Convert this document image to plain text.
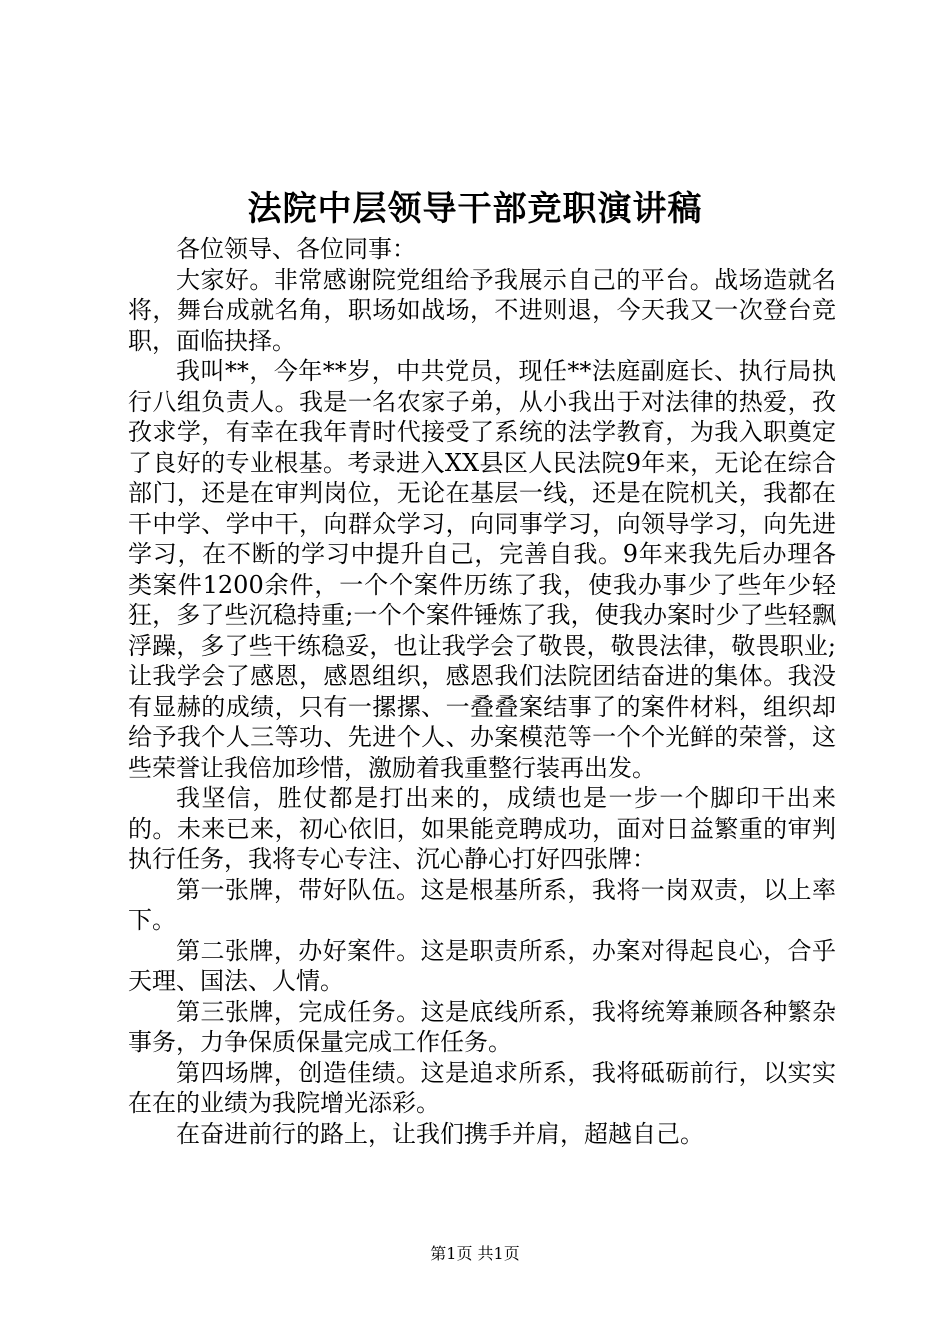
法院中层领导干部竞职演讲稿

各位领导、各位同事：

大家好。非常感谢院党组给予我展示自己的平台。战场造就名将，舞台成就名角，职场如战场，不进则退，今天我又一次登台竞职，面临抉择。

我叫**，今年**岁，中共党员，现任**法庭副庭长、执行局执行八组负责人。我是一名农家子弟，从小我出于对法律的热爱，孜孜求学，有幸在我年青时代接受了系统的法学教育，为我入职奠定了良好的专业根基。考录进入XX县区人民法院9年来，无论在综合部门，还是在审判岗位，无论在基层一线，还是在院机关，我都在干中学、学中干，向群众学习，向同事学习，向领导学习，向先进学习，在不断的学习中提升自己，完善自我。9年来我先后办理各类案件1200余件，一个个案件历练了我，使我办事少了些年少轻狂，多了些沉稳持重;一个个案件锤炼了我，使我办案时少了些轻飘浮躁，多了些干练稳妥，也让我学会了敬畏，敬畏法律，敬畏职业;让我学会了感恩，感恩组织，感恩我们法院团结奋进的集体。我没有显赫的成绩，只有一摞摞、一叠叠案结事了的案件材料，组织却给予我个人三等功、先进个人、办案模范等一个个光鲜的荣誉，这些荣誉让我倍加珍惜，激励着我重整行装再出发。

我坚信，胜仗都是打出来的，成绩也是一步一个脚印干出来的。未来已来，初心依旧，如果能竞聘成功，面对日益繁重的审判执行任务，我将专心专注、沉心静心打好四张牌：

第一张牌，带好队伍。这是根基所系，我将一岗双责，以上率下。

第二张牌，办好案件。这是职责所系，办案对得起良心，合乎天理、国法、人情。

第三张牌，完成任务。这是底线所系，我将统筹兼顾各种繁杂事务，力争保质保量完成工作任务。

第四场牌，创造佳绩。这是追求所系，我将砥砺前行，以实实在在的业绩为我院增光添彩。

在奋进前行的路上，让我们携手并肩，超越自己。

第1页 共1页
